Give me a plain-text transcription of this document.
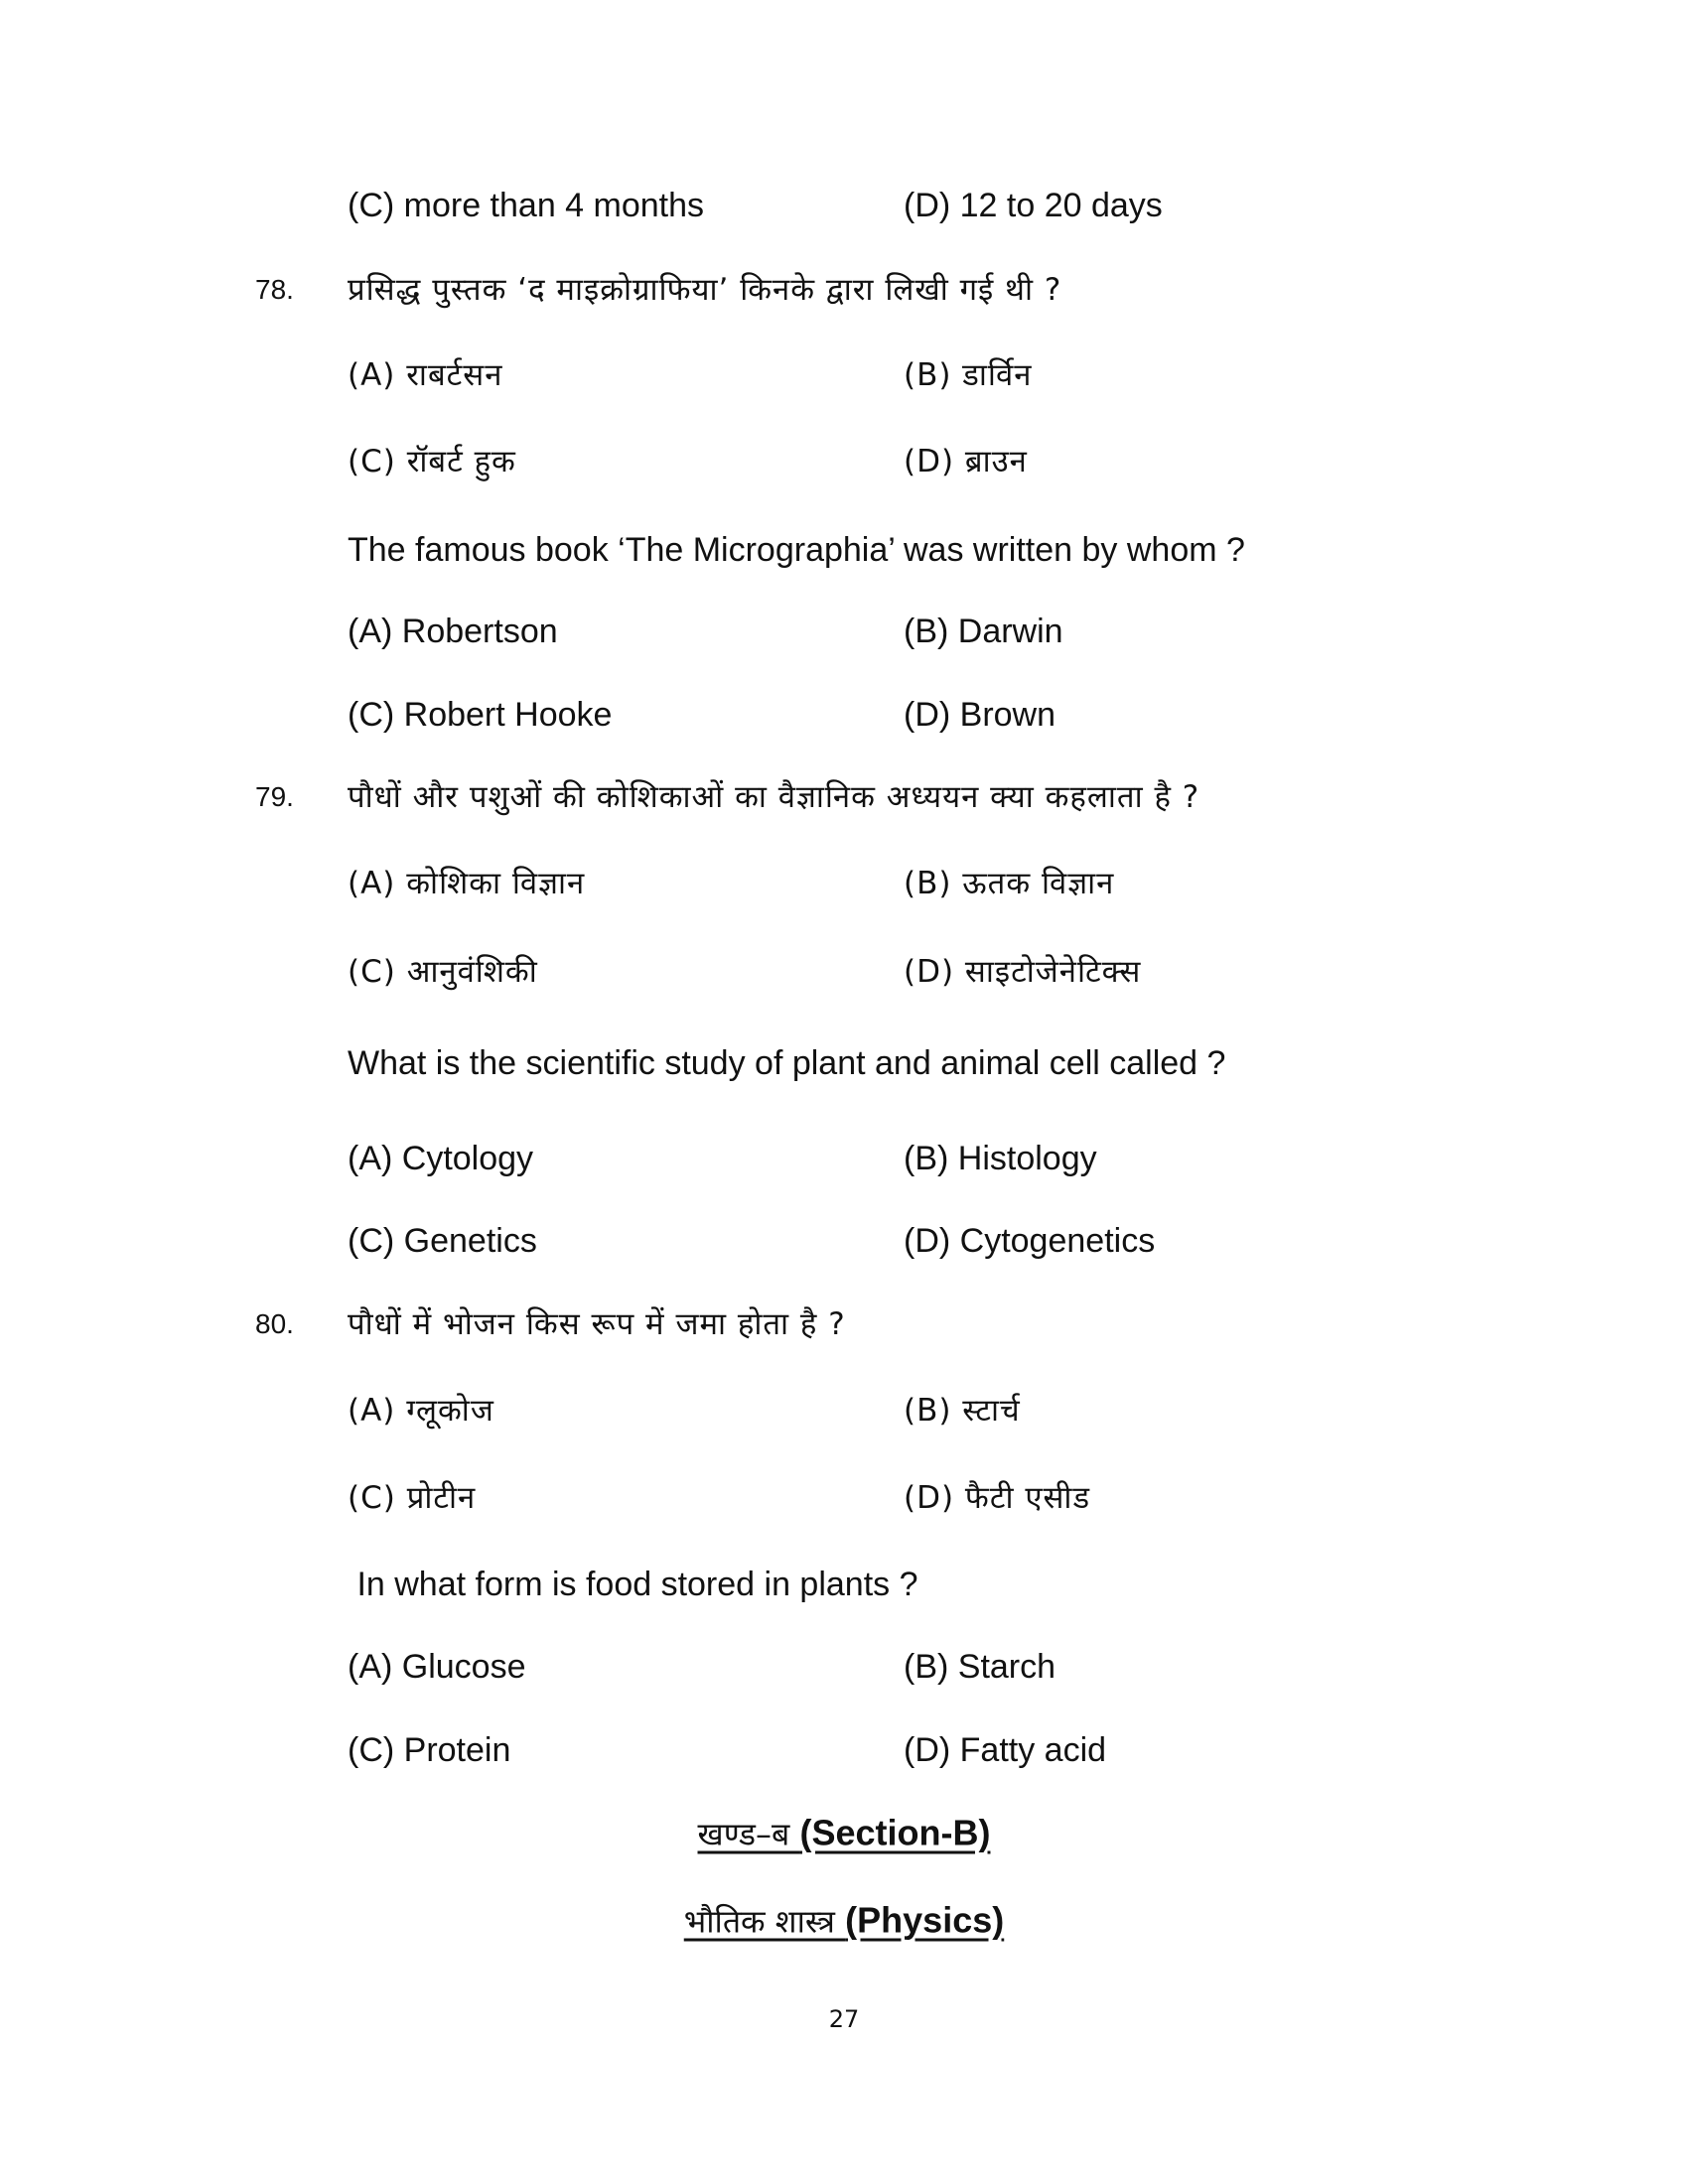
(C) more than 4 months	(D) 12 to 20 days
78. प्रसिद्ध पुस्तक ‘द माइक्रोग्राफिया’ किनके द्वारा लिखी गई थी ?
(A) राबर्टसन	(B) डार्विन
(C) रॉबर्ट हुक	(D) ब्राउन
The famous book ‘The Micrographia’ was written by whom ?
(A) Robertson	(B) Darwin
(C) Robert Hooke	(D) Brown
79. पौधों और पशुओं की कोशिकाओं का वैज्ञानिक अध्ययन क्या कहलाता है ?
(A) कोशिका विज्ञान	(B) ऊतक विज्ञान
(C) आनुवंशिकी	(D) साइटोजेनेटिक्स
What is the scientific study of plant and animal cell called ?
(A) Cytology	(B) Histology
(C) Genetics	(D) Cytogenetics
80. पौधों में भोजन किस रूप में जमा होता है ?
(A) ग्लूकोज	(B) स्टार्च
(C) प्रोटीन	(D) फैटी एसीड
In what form is food stored in plants ?
(A) Glucose	(B) Starch
(C) Protein	(D) Fatty acid
खण्ड–ब (Section-B)
भौतिक शास्त्र (Physics)
27
